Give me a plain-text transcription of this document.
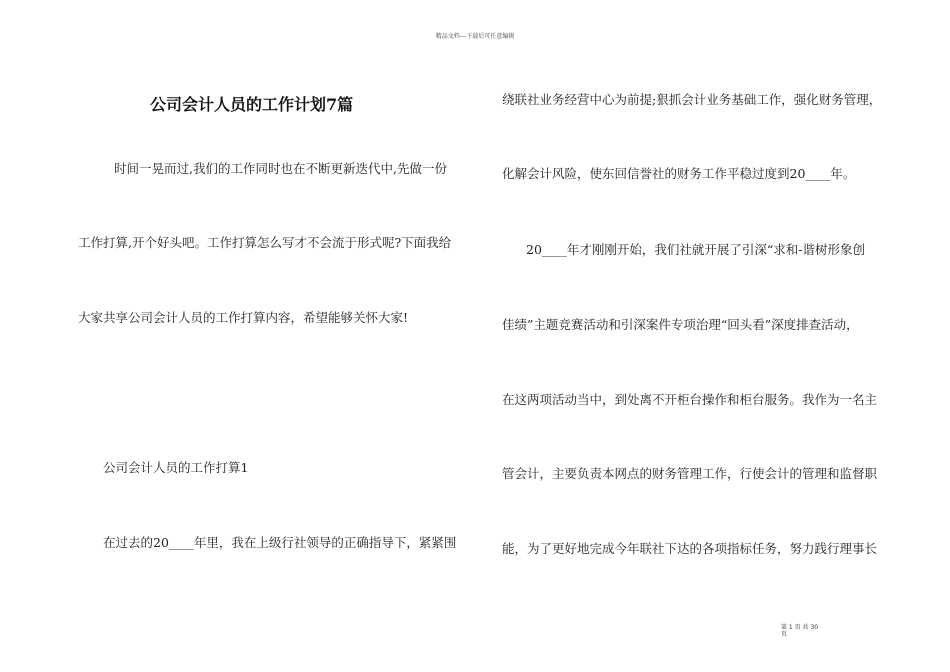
精品文档---下载后可任意编辑
公司会计人员的工作计划7篇
时间一晃而过,我们的工作同时也在不断更新迭代中,先做一份
工作打算,开个好头吧。工作打算怎么写才不会流于形式呢?下面我给
大家共享公司会计人员的工作打算内容，希望能够关怀大家!
公司会计人员的工作打算1
在过去的20____年里，我在上级行社领导的正确指导下，紧紧围
绕联社业务经营中心为前提;狠抓会计业务基础工作，强化财务管理，
化解会计风险，使东回信誉社的财务工作平稳过度到20____年。
20____年才刚刚开始，我们社就开展了引深“求和-谐树形象创
佳绩”主题竞赛活动和引深案件专项治理“回头看”深度排查活动，
在这两项活动当中，到处离不开柜台操作和柜台服务。我作为一名主
管会计，主要负责本网点的财务管理工作，行使会计的管理和监督职
能，为了更好地完成今年联社下达的各项指标任务，努力践行理事长
第 1 页 共 30
页
